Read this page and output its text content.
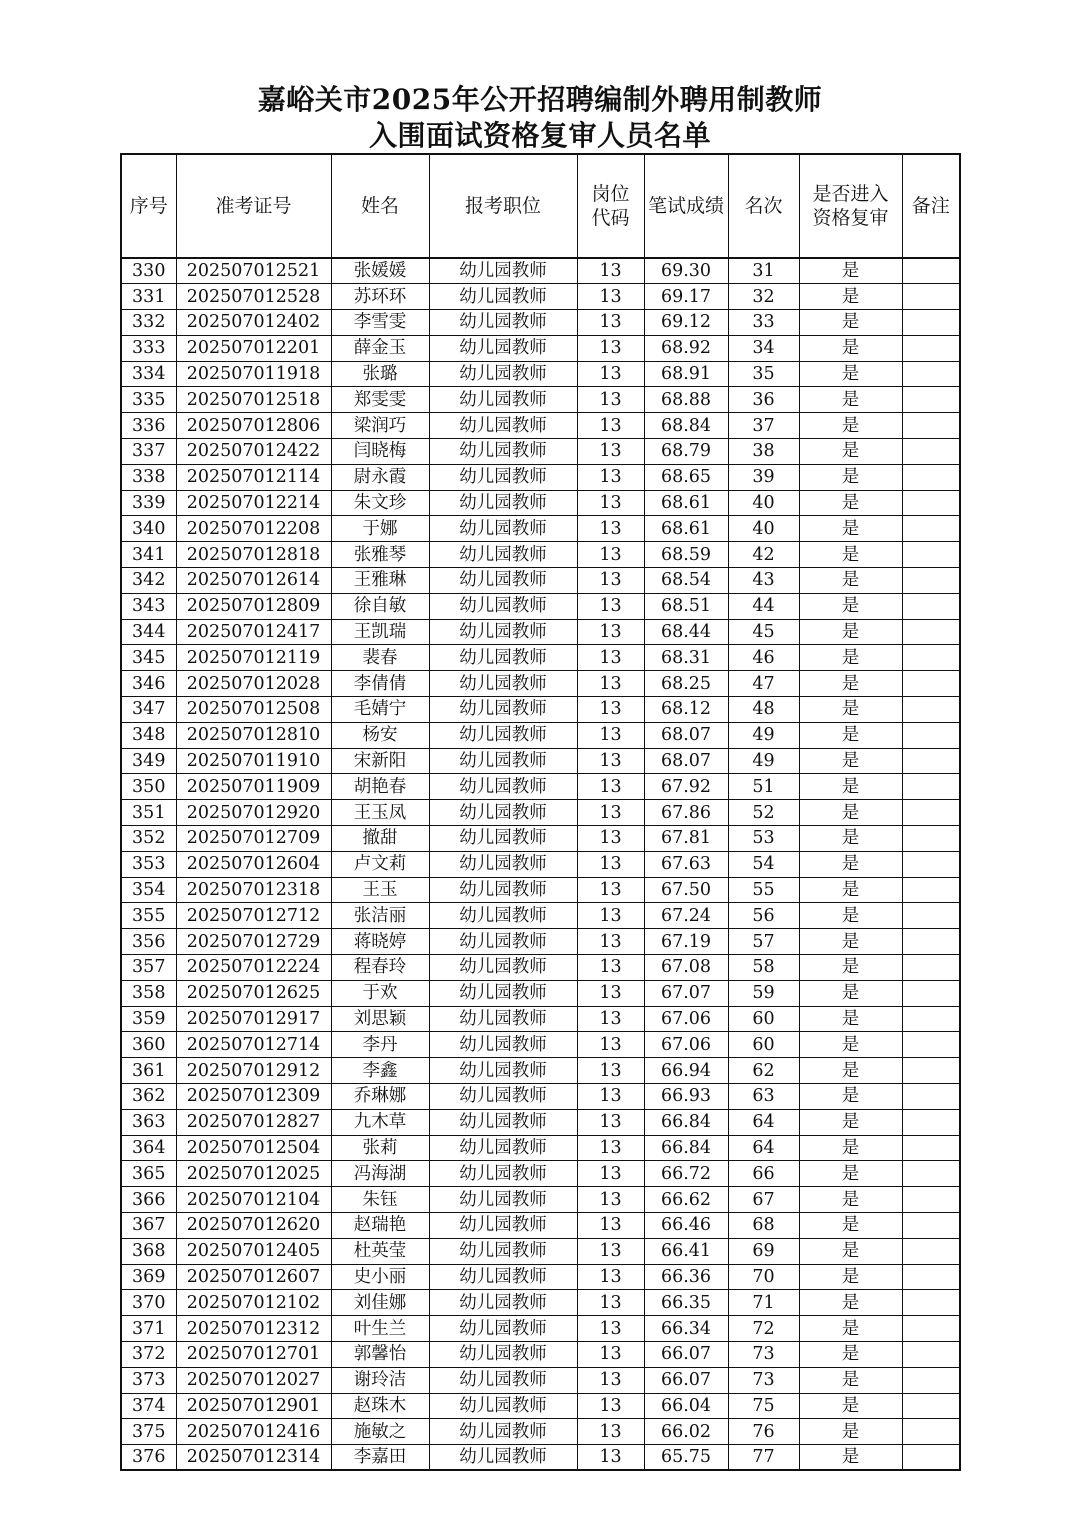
嘉峪关市2025年公开招聘编制外聘用制教师
入围面试资格复审人员名单
序号	准考证号	姓名	报考职位	岗位代码	笔试成绩	名次	是否进入资格复审	备注
330	202507012521	张媛媛	幼儿园教师	13	69.30	31	是	
331	202507012528	苏环环	幼儿园教师	13	69.17	32	是	
332	202507012402	李雪雯	幼儿园教师	13	69.12	33	是	
333	202507012201	薛金玉	幼儿园教师	13	68.92	34	是	
334	202507011918	张璐	幼儿园教师	13	68.91	35	是	
335	202507012518	郑雯雯	幼儿园教师	13	68.88	36	是	
336	202507012806	梁润巧	幼儿园教师	13	68.84	37	是	
337	202507012422	闫晓梅	幼儿园教师	13	68.79	38	是	
338	202507012114	尉永霞	幼儿园教师	13	68.65	39	是	
339	202507012214	朱文珍	幼儿园教师	13	68.61	40	是	
340	202507012208	于娜	幼儿园教师	13	68.61	40	是	
341	202507012818	张雅琴	幼儿园教师	13	68.59	42	是	
342	202507012614	王雅琳	幼儿园教师	13	68.54	43	是	
343	202507012809	徐自敏	幼儿园教师	13	68.51	44	是	
344	202507012417	王凯瑞	幼儿园教师	13	68.44	45	是	
345	202507012119	裴春	幼儿园教师	13	68.31	46	是	
346	202507012028	李倩倩	幼儿园教师	13	68.25	47	是	
347	202507012508	毛婧宁	幼儿园教师	13	68.12	48	是	
348	202507012810	杨安	幼儿园教师	13	68.07	49	是	
349	202507011910	宋新阳	幼儿园教师	13	68.07	49	是	
350	202507011909	胡艳春	幼儿园教师	13	67.92	51	是	
351	202507012920	王玉凤	幼儿园教师	13	67.86	52	是	
352	202507012709	撤甜	幼儿园教师	13	67.81	53	是	
353	202507012604	卢文莉	幼儿园教师	13	67.63	54	是	
354	202507012318	王玉	幼儿园教师	13	67.50	55	是	
355	202507012712	张洁丽	幼儿园教师	13	67.24	56	是	
356	202507012729	蒋晓婷	幼儿园教师	13	67.19	57	是	
357	202507012224	程春玲	幼儿园教师	13	67.08	58	是	
358	202507012625	于欢	幼儿园教师	13	67.07	59	是	
359	202507012917	刘思颖	幼儿园教师	13	67.06	60	是	
360	202507012714	李丹	幼儿园教师	13	67.06	60	是	
361	202507012912	李鑫	幼儿园教师	13	66.94	62	是	
362	202507012309	乔琳娜	幼儿园教师	13	66.93	63	是	
363	202507012827	九木草	幼儿园教师	13	66.84	64	是	
364	202507012504	张莉	幼儿园教师	13	66.84	64	是	
365	202507012025	冯海湖	幼儿园教师	13	66.72	66	是	
366	202507012104	朱钰	幼儿园教师	13	66.62	67	是	
367	202507012620	赵瑞艳	幼儿园教师	13	66.46	68	是	
368	202507012405	杜英莹	幼儿园教师	13	66.41	69	是	
369	202507012607	史小丽	幼儿园教师	13	66.36	70	是	
370	202507012102	刘佳娜	幼儿园教师	13	66.35	71	是	
371	202507012312	叶生兰	幼儿园教师	13	66.34	72	是	
372	202507012701	郭馨怡	幼儿园教师	13	66.07	73	是	
373	202507012027	谢玲洁	幼儿园教师	13	66.07	73	是	
374	202507012901	赵珠木	幼儿园教师	13	66.04	75	是	
375	202507012416	施敏之	幼儿园教师	13	66.02	76	是	
376	202507012314	李嘉田	幼儿园教师	13	65.75	77	是	
